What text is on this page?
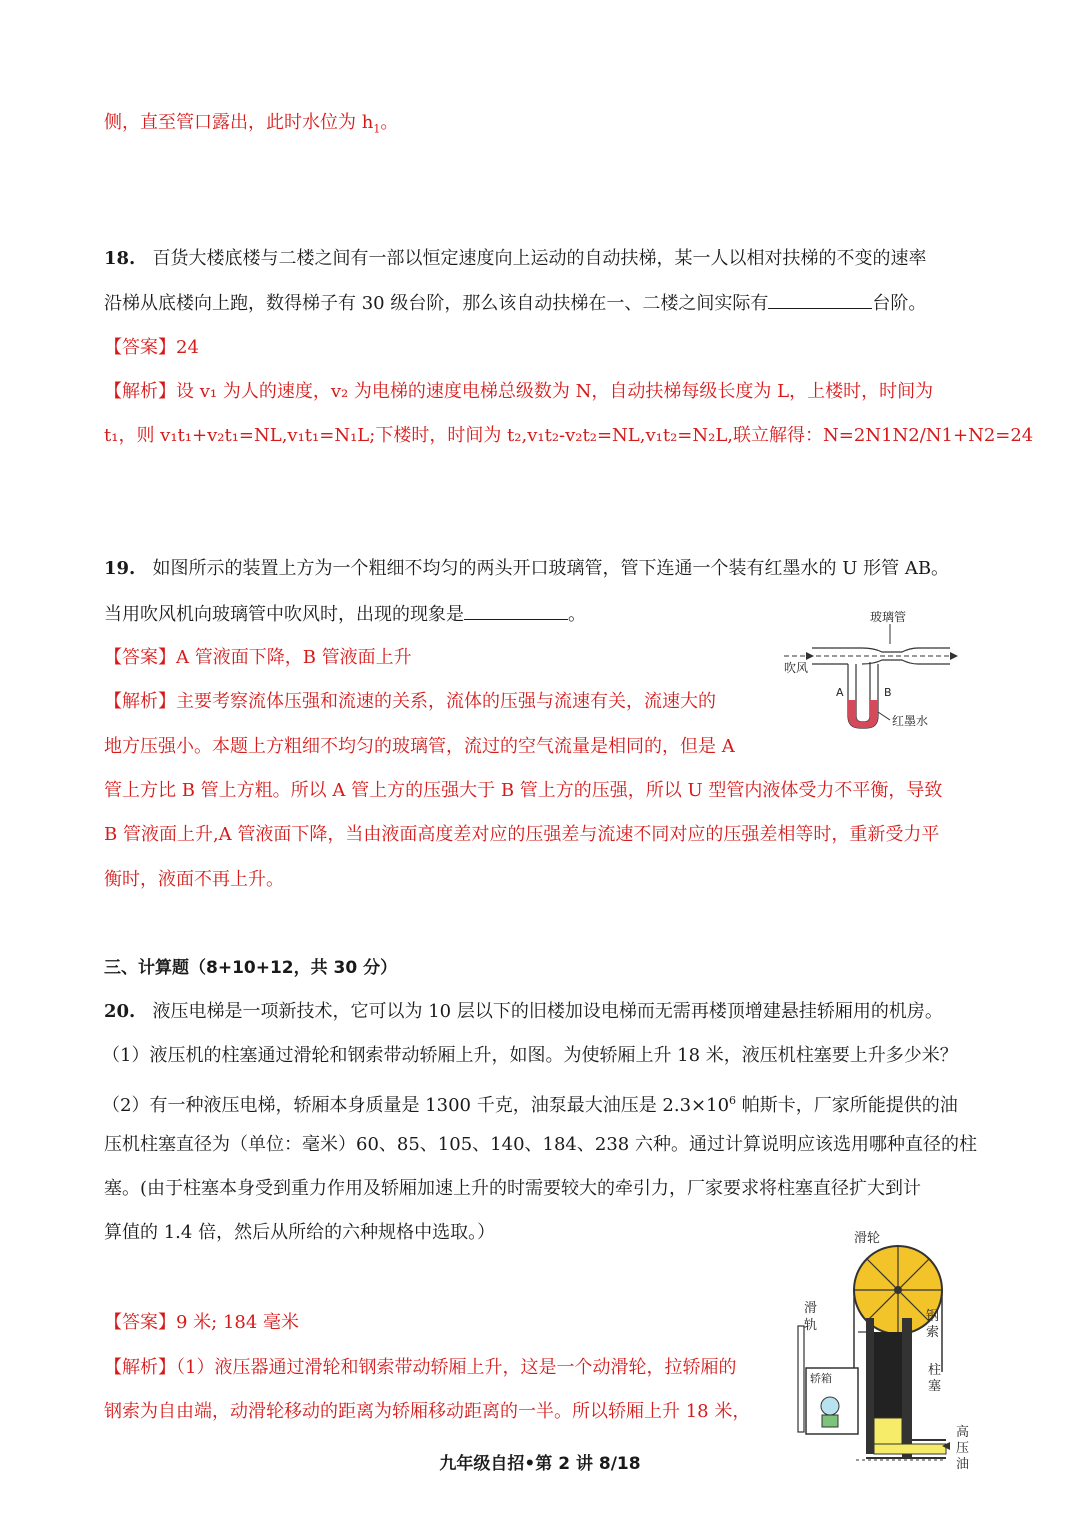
侧，直至管口露出，此时水位为 $h_1$。
18. 百货大楼底楼与二楼之间有一部以恒定速度向上运动的自动扶梯，某一人以相对扶梯的不变的速率
沿梯从底楼向上跑，数得梯子有 30 级台阶，那么该自动扶梯在一、二楼之间实际有	台阶。
【答案】24
【解析】设 v₁ 为人的速度，v₂ 为电梯的速度电梯总级数为 N，自动扶梯每级长度为 L，上楼时，时间为
t₁，则 v₁t₁+v₂t₁=NL,v₁t₁=N₁L;下楼时，时间为 t₂,v₁t₂-v₂t₂=NL,v₁t₂=N₂L,联立解得：N=2N1N2/N1+N2=24
19. 如图所示的装置上方为一个粗细不均匀的两头开口玻璃管，管下连通一个装有红墨水的 U 形管 AB。
当用吹风机向玻璃管中吹风时，出现的现象是	。
【答案】A 管液面下降，B 管液面上升
【解析】主要考察流体压强和流速的关系，流体的压强与流速有关，流速大的
地方压强小。本题上方粗细不均匀的玻璃管，流过的空气流量是相同的，但是 A
管上方比 B 管上方粗。所以 A 管上方的压强大于 B 管上方的压强，所以 U 型管内液体受力不平衡，导致
B 管液面上升,A 管液面下降，当由液面高度差对应的压强差与流速不同对应的压强差相等时，重新受力平
衡时，液面不再上升。
玻璃管
吹风
A	B
红墨水
三、计算题（8+10+12，共 30 分）
20. 液压电梯是一项新技术，它可以为 10 层以下的旧楼加设电梯而无需再楼顶增建悬挂轿厢用的机房。
（1）液压机的柱塞通过滑轮和钢索带动轿厢上升，如图。为使轿厢上升 18 米，液压机柱塞要上升多少米？
（2）有一种液压电梯，轿厢本身质量是 1300 千克，油泵最大油压是 $2.3\times 10^6$ 帕斯卡，厂家所能提供的油
压机柱塞直径为（单位：毫米）60、85、105、140、184、238 六种。通过计算说明应该选用哪种直径的柱
塞。(由于柱塞本身受到重力作用及轿厢加速上升的时需要较大的牵引力，厂家要求将柱塞直径扩大到计
算值的 1.4 倍，然后从所给的六种规格中选取。）
【答案】9 米; 184 毫米
【解析】（1）液压器通过滑轮和钢索带动轿厢上升，这是一个动滑轮，拉轿厢的
钢索为自由端，动滑轮移动的距离为轿厢移动距离的一半。所以轿厢上升 18 米，
滑轮
滑
轨
轿箱
钢
索
柱
塞
高
压
油
九年级自招•第 2 讲 8/18
